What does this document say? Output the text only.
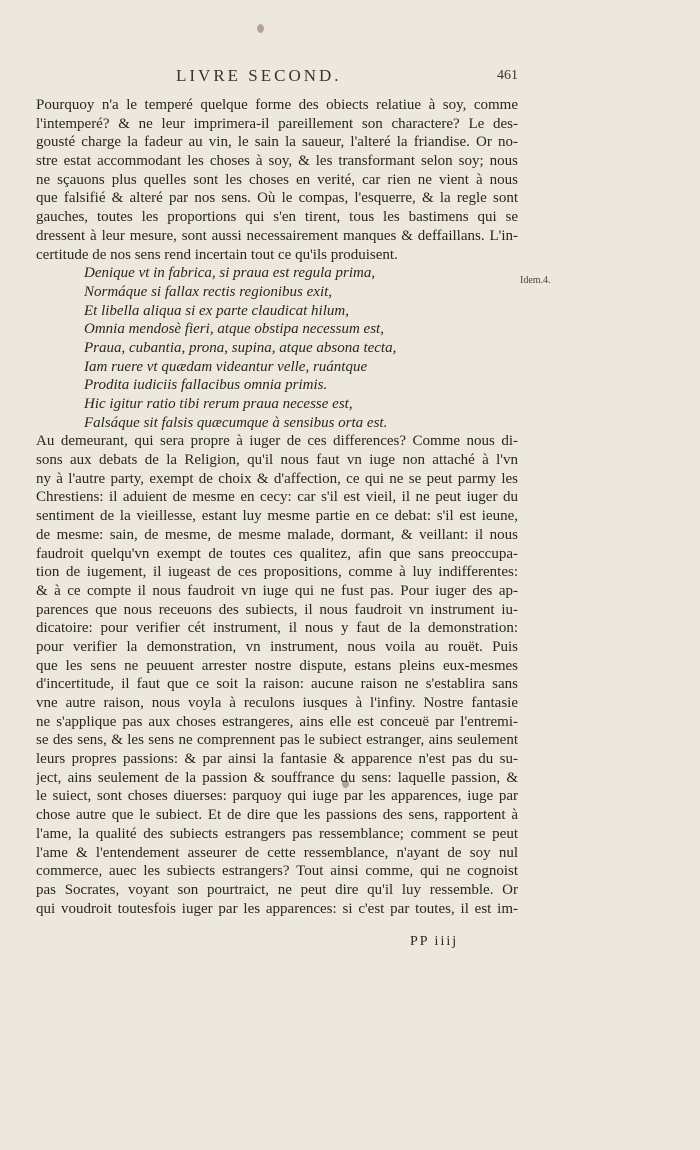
LIVRE SECOND.	461
Idem.4.
Pourquoy n'a le temperé quelque forme des obiects relatiue à soy, comme
l'intemperé? & ne leur imprimera-il pareillement son charactere? Le des-
gousté charge la fadeur au vin, le sain la saueur, l'alteré la friandise. Or no-
stre estat accommodant les choses à soy, & les transformant selon soy; nous
ne sçauons plus quelles sont les choses en verité, car rien ne vient à nous
que falsifié & alteré par nos sens. Où le compas, l'esquerre, & la regle sont
gauches, toutes les proportions qui s'en tirent, tous les bastimens qui se
dressent à leur mesure, sont aussi necessairement manques & deffaillans. L'in-
certitude de nos sens rend incertain tout ce qu'ils produisent.
Denique vt in fabrica, si praua est regula prima,
Normáque si fallax rectis regionibus exit,
Et libella aliqua si ex parte claudicat hilum,
Omnia mendosè fieri, atque obstipa necessum est,
Praua, cubantia, prona, supina, atque absona tecta,
Iam ruere vt quædam videantur velle, ruántque
Prodita iudiciis fallacibus omnia primis.
Hic igitur ratio tibi rerum praua necesse est,
Falsáque sit falsis quæcumque à sensibus orta est.
Au demeurant, qui sera propre à iuger de ces differences? Comme nous di-
sons aux debats de la Religion, qu'il nous faut vn iuge non attaché à l'vn
ny à l'autre party, exempt de choix & d'affection, ce qui ne se peut parmy les
Chrestiens: il aduient de mesme en cecy: car s'il est vieil, il ne peut iuger du
sentiment de la vieillesse, estant luy mesme partie en ce debat: s'il est ieune,
de mesme: sain, de mesme, de mesme malade, dormant, & veillant: il nous
faudroit quelqu'vn exempt de toutes ces qualitez, afin que sans preoccupa-
tion de iugement, il iugeast de ces propositions, comme à luy indifferentes:
& à ce compte il nous faudroit vn iuge qui ne fust pas. Pour iuger des ap-
parences que nous receuons des subiects, il nous faudroit vn instrument iu-
dicatoire: pour verifier cét instrument, il nous y faut de la demonstration:
pour verifier la demonstration, vn instrument, nous voila au rouët. Puis
que les sens ne peuuent arrester nostre dispute, estans pleins eux-mesmes
d'incertitude, il faut que ce soit la raison: aucune raison ne s'establira sans
vne autre raison, nous voyla à reculons iusques à l'infiny. Nostre fantasie
ne s'applique pas aux choses estrangeres, ains elle est conceuë par l'entremi-
se des sens, & les sens ne comprennent pas le subiect estranger, ains seulement
leurs propres passions: & par ainsi la fantasie & apparence n'est pas du su-
ject, ains seulement de la passion & souffrance du sens: laquelle passion, &
le suiect, sont choses diuerses: parquoy qui iuge par les apparences, iuge par
chose autre que le subiect. Et de dire que les passions des sens, rapportent à
l'ame, la qualité des subiects estrangers pas ressemblance; comment se peut
l'ame & l'entendement asseurer de cette ressemblance, n'ayant de soy nul
commerce, auec les subiects estrangers? Tout ainsi comme, qui ne cognoist
pas Socrates, voyant son pourtraict, ne peut dire qu'il luy ressemble. Or
qui voudroit toutesfois iuger par les apparences: si c'est par toutes, il est im-
PP iiij
